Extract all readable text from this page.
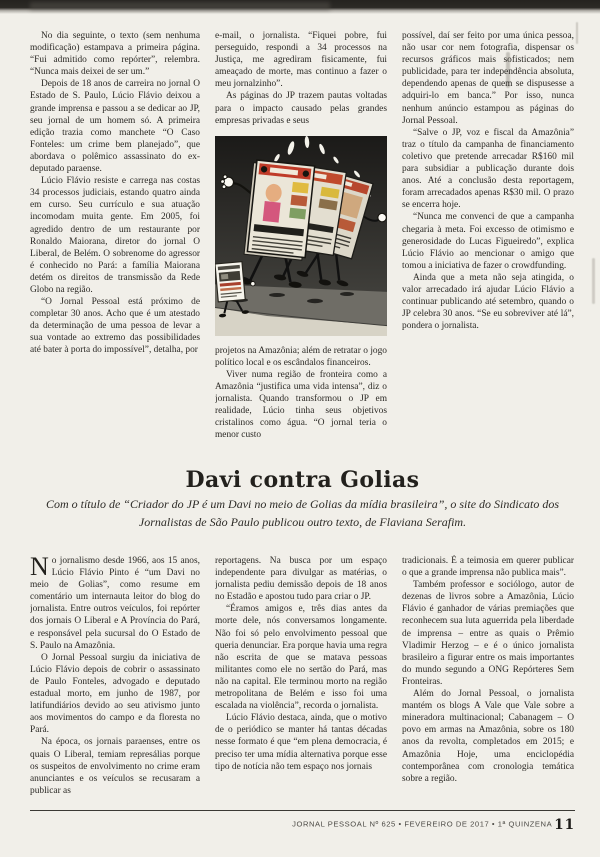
No dia seguinte, o texto (sem nenhuma modificação) estampava a primeira página. “Fui admitido como repórter”, relembra. “Nunca mais deixei de ser um.”

Depois de 18 anos de carreira no jornal O Estado de S. Paulo, Lúcio Flávio deixou a grande imprensa e passou a se dedicar ao JP, seu jornal de um homem só. A primeira edição trazia como manchete “O Caso Fonteles: um crime bem planejado”, que abordava o polêmico assassinato do ex-deputado paraense.

Lúcio Flávio resiste e carrega nas costas 34 processos judiciais, estando quatro ainda em curso. Seu currículo e sua atuação incomodam muita gente. Em 2005, foi agredido dentro de um restaurante por Ronaldo Maiorana, diretor do jornal O Liberal, de Belém. O sobrenome do agressor é conhecido no Pará: a família Maiorana detém os direitos de transmissão da Rede Globo na região.

“O Jornal Pessoal está próximo de completar 30 anos. Acho que é um atestado da determinação de uma pessoa de levar a sua vontade ao extremo das possibilidades até bater à porta do impossível”, detalha, por

e-mail, o jornalista. “Fiquei pobre, fui perseguido, respondi a 34 processos na Justiça, me agrediram fisicamente, fui ameaçado de morte, mas continuo a fazer o meu jornalzinho”.

As páginas do JP trazem pautas voltadas para o impacto causado pelas grandes empresas privadas e seus

projetos na Amazônia; além de retratar o jogo político local e os escândalos financeiros.

Viver numa região de fronteira como a Amazônia “justifica uma vida intensa”, diz o jornalista. Quando transformou o JP em realidade, Lúcio tinha seus objetivos cristalinos como água. “O jornal teria o menor custo

possível, daí ser feito por uma única pessoa, não usar cor nem fotografia, dispensar os recursos gráficos mais sofisticados; nem publicidade, para ter independência absoluta, dependendo apenas de quem se dispusesse a adquiri-lo em banca.” Por isso, nunca nenhum anúncio estampou as páginas do Jornal Pessoal.

“Salve o JP, voz e fiscal da Amazônia” traz o título da campanha de financiamento coletivo que pretende arrecadar R$160 mil para subsidiar a publicação durante dois anos. Até a conclusão desta reportagem, foram arrecadados apenas R$30 mil. O prazo se encerra hoje.

“Nunca me convenci de que a campanha chegaria à meta. Foi excesso de otimismo e generosidade do Lucas Figueiredo”, explica Lúcio Flávio ao mencionar o amigo que tomou a iniciativa de fazer o crowdfunding.

Ainda que a meta não seja atingida, o valor arrecadado irá ajudar Lúcio Flávio a continuar publicando até setembro, quando o JP celebra 30 anos. “Se eu sobreviver até lá”, pondera o jornalista.

Davi contra Golias

Com o título de “Criador do JP é um Davi no meio de Golias da mídia brasileira”, o site do Sindicato dos Jornalistas de São Paulo publicou outro texto, de Flaviana Serafim.

No jornalismo desde 1966, aos 15 anos, Lúcio Flávio Pinto é “um Davi no meio de Golias”, como resume em comentário um internauta leitor do blog do jornalista. Entre outros veículos, foi repórter dos jornais O Liberal e A Província do Pará, e responsável pela sucursal do O Estado de S. Paulo na Amazônia.

O Jornal Pessoal surgiu da iniciativa de Lúcio Flávio depois de cobrir o assassinato de Paulo Fonteles, advogado e deputado estadual morto, em junho de 1987, por latifundiários devido ao seu ativismo junto aos movimentos do campo e da floresta no Pará.

Na época, os jornais paraenses, entre os quais O Liberal, temiam represálias porque os suspeitos de envolvimento no crime eram anunciantes e os veículos se recusaram a publicar as

reportagens. Na busca por um espaço independente para divulgar as matérias, o jornalista pediu demissão depois de 18 anos no Estadão e apostou tudo para criar o JP.

“Éramos amigos e, três dias antes da morte dele, nós conversamos longamente. Não foi só pelo envolvimento pessoal que queria denunciar. Era porque havia uma regra não escrita de que se matava pessoas militantes como ele no sertão do Pará, mas não na capital. Ele terminou morto na região metropolitana de Belém e isso foi uma escalada na violência”, recorda o jornalista.

Lúcio Flávio destaca, ainda, que o motivo de o periódico se manter há tantas décadas nesse formato é que “em plena democracia, é preciso ter uma mídia alternativa porque esse tipo de notícia não tem espaço nos jornais

tradicionais. É a teimosia em querer publicar o que a grande imprensa não publica mais”.

Também professor e sociólogo, autor de dezenas de livros sobre a Amazônia, Lúcio Flávio é ganhador de várias premiações que reconhecem sua luta aguerrida pela liberdade de imprensa – entre as quais o Prêmio Vladimir Herzog – e é o único jornalista brasileiro a figurar entre os mais importantes do mundo segundo a ONG Repórteres Sem Fronteiras.

Além do Jornal Pessoal, o jornalista mantém os blogs A Vale que Vale sobre a mineradora multinacional; Cabanagem – O povo em armas na Amazônia, sobre os 180 anos da revolta, completados em 2015; e Amazônia Hoje, uma enciclopédia contemporânea com cronologia temática sobre a região.

JORNAL PESSOAL Nº 625 • FEVEREIRO DE 2017 • 1ª QUINZENA 11
